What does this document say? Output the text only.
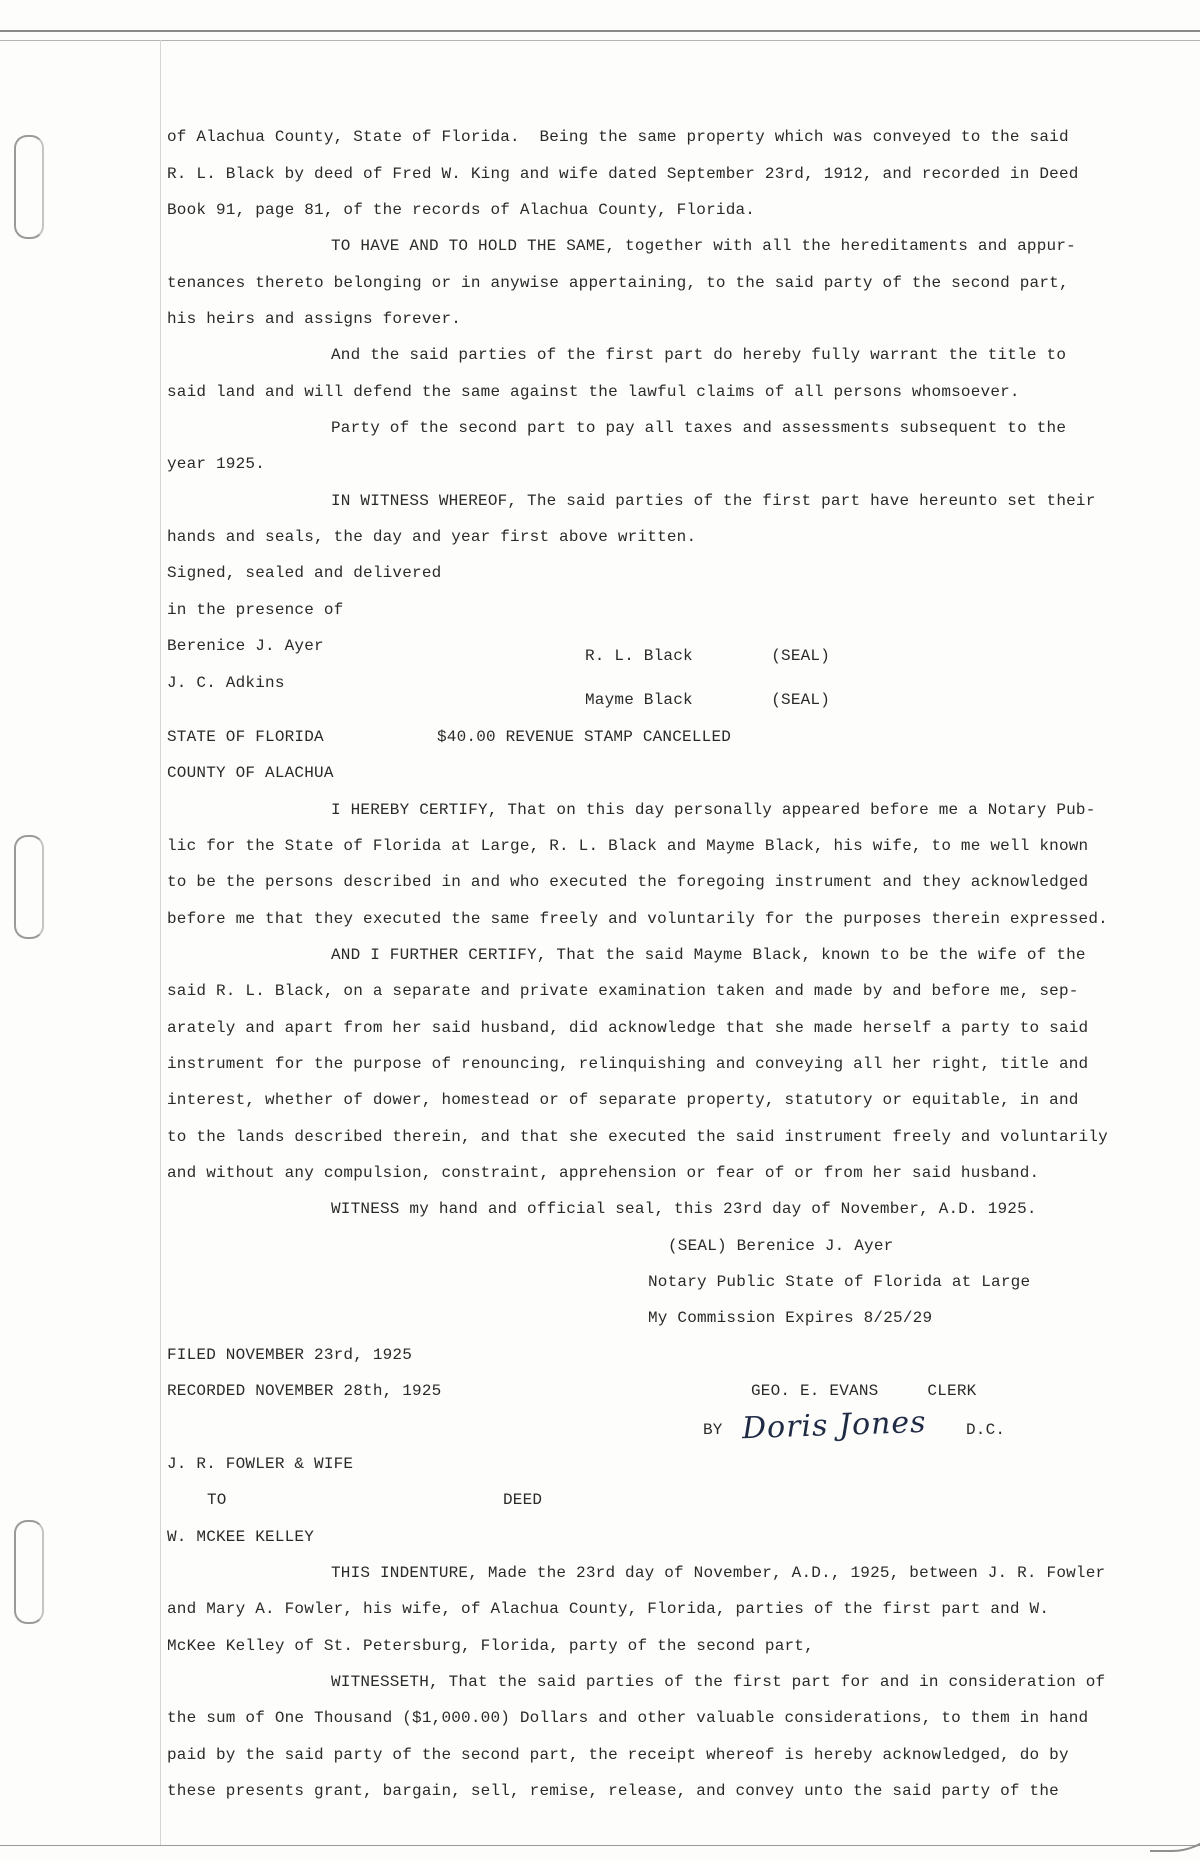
of Alachua County, State of Florida.  Being the same property which was conveyed to the said
R. L. Black by deed of Fred W. King and wife dated September 23rd, 1912, and recorded in Deed
Book 91, page 81, of the records of Alachua County, Florida.
TO HAVE AND TO HOLD THE SAME, together with all the hereditaments and appur-
tenances thereto belonging or in anywise appertaining, to the said party of the second part,
his heirs and assigns forever.
And the said parties of the first part do hereby fully warrant the title to
said land and will defend the same against the lawful claims of all persons whomsoever.
Party of the second part to pay all taxes and assessments subsequent to the
year 1925.
IN WITNESS WHEREOF, The said parties of the first part have hereunto set their
hands and seals, the day and year first above written.
Signed, sealed and delivered
in the presence of
Berenice J. Ayer
R. L. Black        (SEAL)
J. C. Adkins
Mayme Black        (SEAL)
STATE OF FLORIDA	$40.00 REVENUE STAMP CANCELLED
COUNTY OF ALACHUA
I HEREBY CERTIFY, That on this day personally appeared before me a Notary Pub-
lic for the State of Florida at Large, R. L. Black and Mayme Black, his wife, to me well known
to be the persons described in and who executed the foregoing instrument and they acknowledged
before me that they executed the same freely and voluntarily for the purposes therein expressed.
AND I FURTHER CERTIFY, That the said Mayme Black, known to be the wife of the
said R. L. Black, on a separate and private examination taken and made by and before me, sep-
arately and apart from her said husband, did acknowledge that she made herself a party to said
instrument for the purpose of renouncing, relinquishing and conveying all her right, title and
interest, whether of dower, homestead or of separate property, statutory or equitable, in and
to the lands described therein, and that she executed the said instrument freely and voluntarily
and without any compulsion, constraint, apprehension or fear of or from her said husband.
WITNESS my hand and official seal, this 23rd day of November, A.D. 1925.
(SEAL) Berenice J. Ayer
Notary Public State of Florida at Large
My Commission Expires 8/25/29
FILED NOVEMBER 23rd, 1925
RECORDED NOVEMBER 28th, 1925	GEO. E. EVANS     CLERK
BY Doris Jones D.C.
J. R. FOWLER & WIFE
TO	DEED
W. MCKEE KELLEY
THIS INDENTURE, Made the 23rd day of November, A.D., 1925, between J. R. Fowler
and Mary A. Fowler, his wife, of Alachua County, Florida, parties of the first part and W.
McKee Kelley of St. Petersburg, Florida, party of the second part,
WITNESSETH, That the said parties of the first part for and in consideration of
the sum of One Thousand ($1,000.00) Dollars and other valuable considerations, to them in hand
paid by the said party of the second part, the receipt whereof is hereby acknowledged, do by
these presents grant, bargain, sell, remise, release, and convey unto the said party of the
